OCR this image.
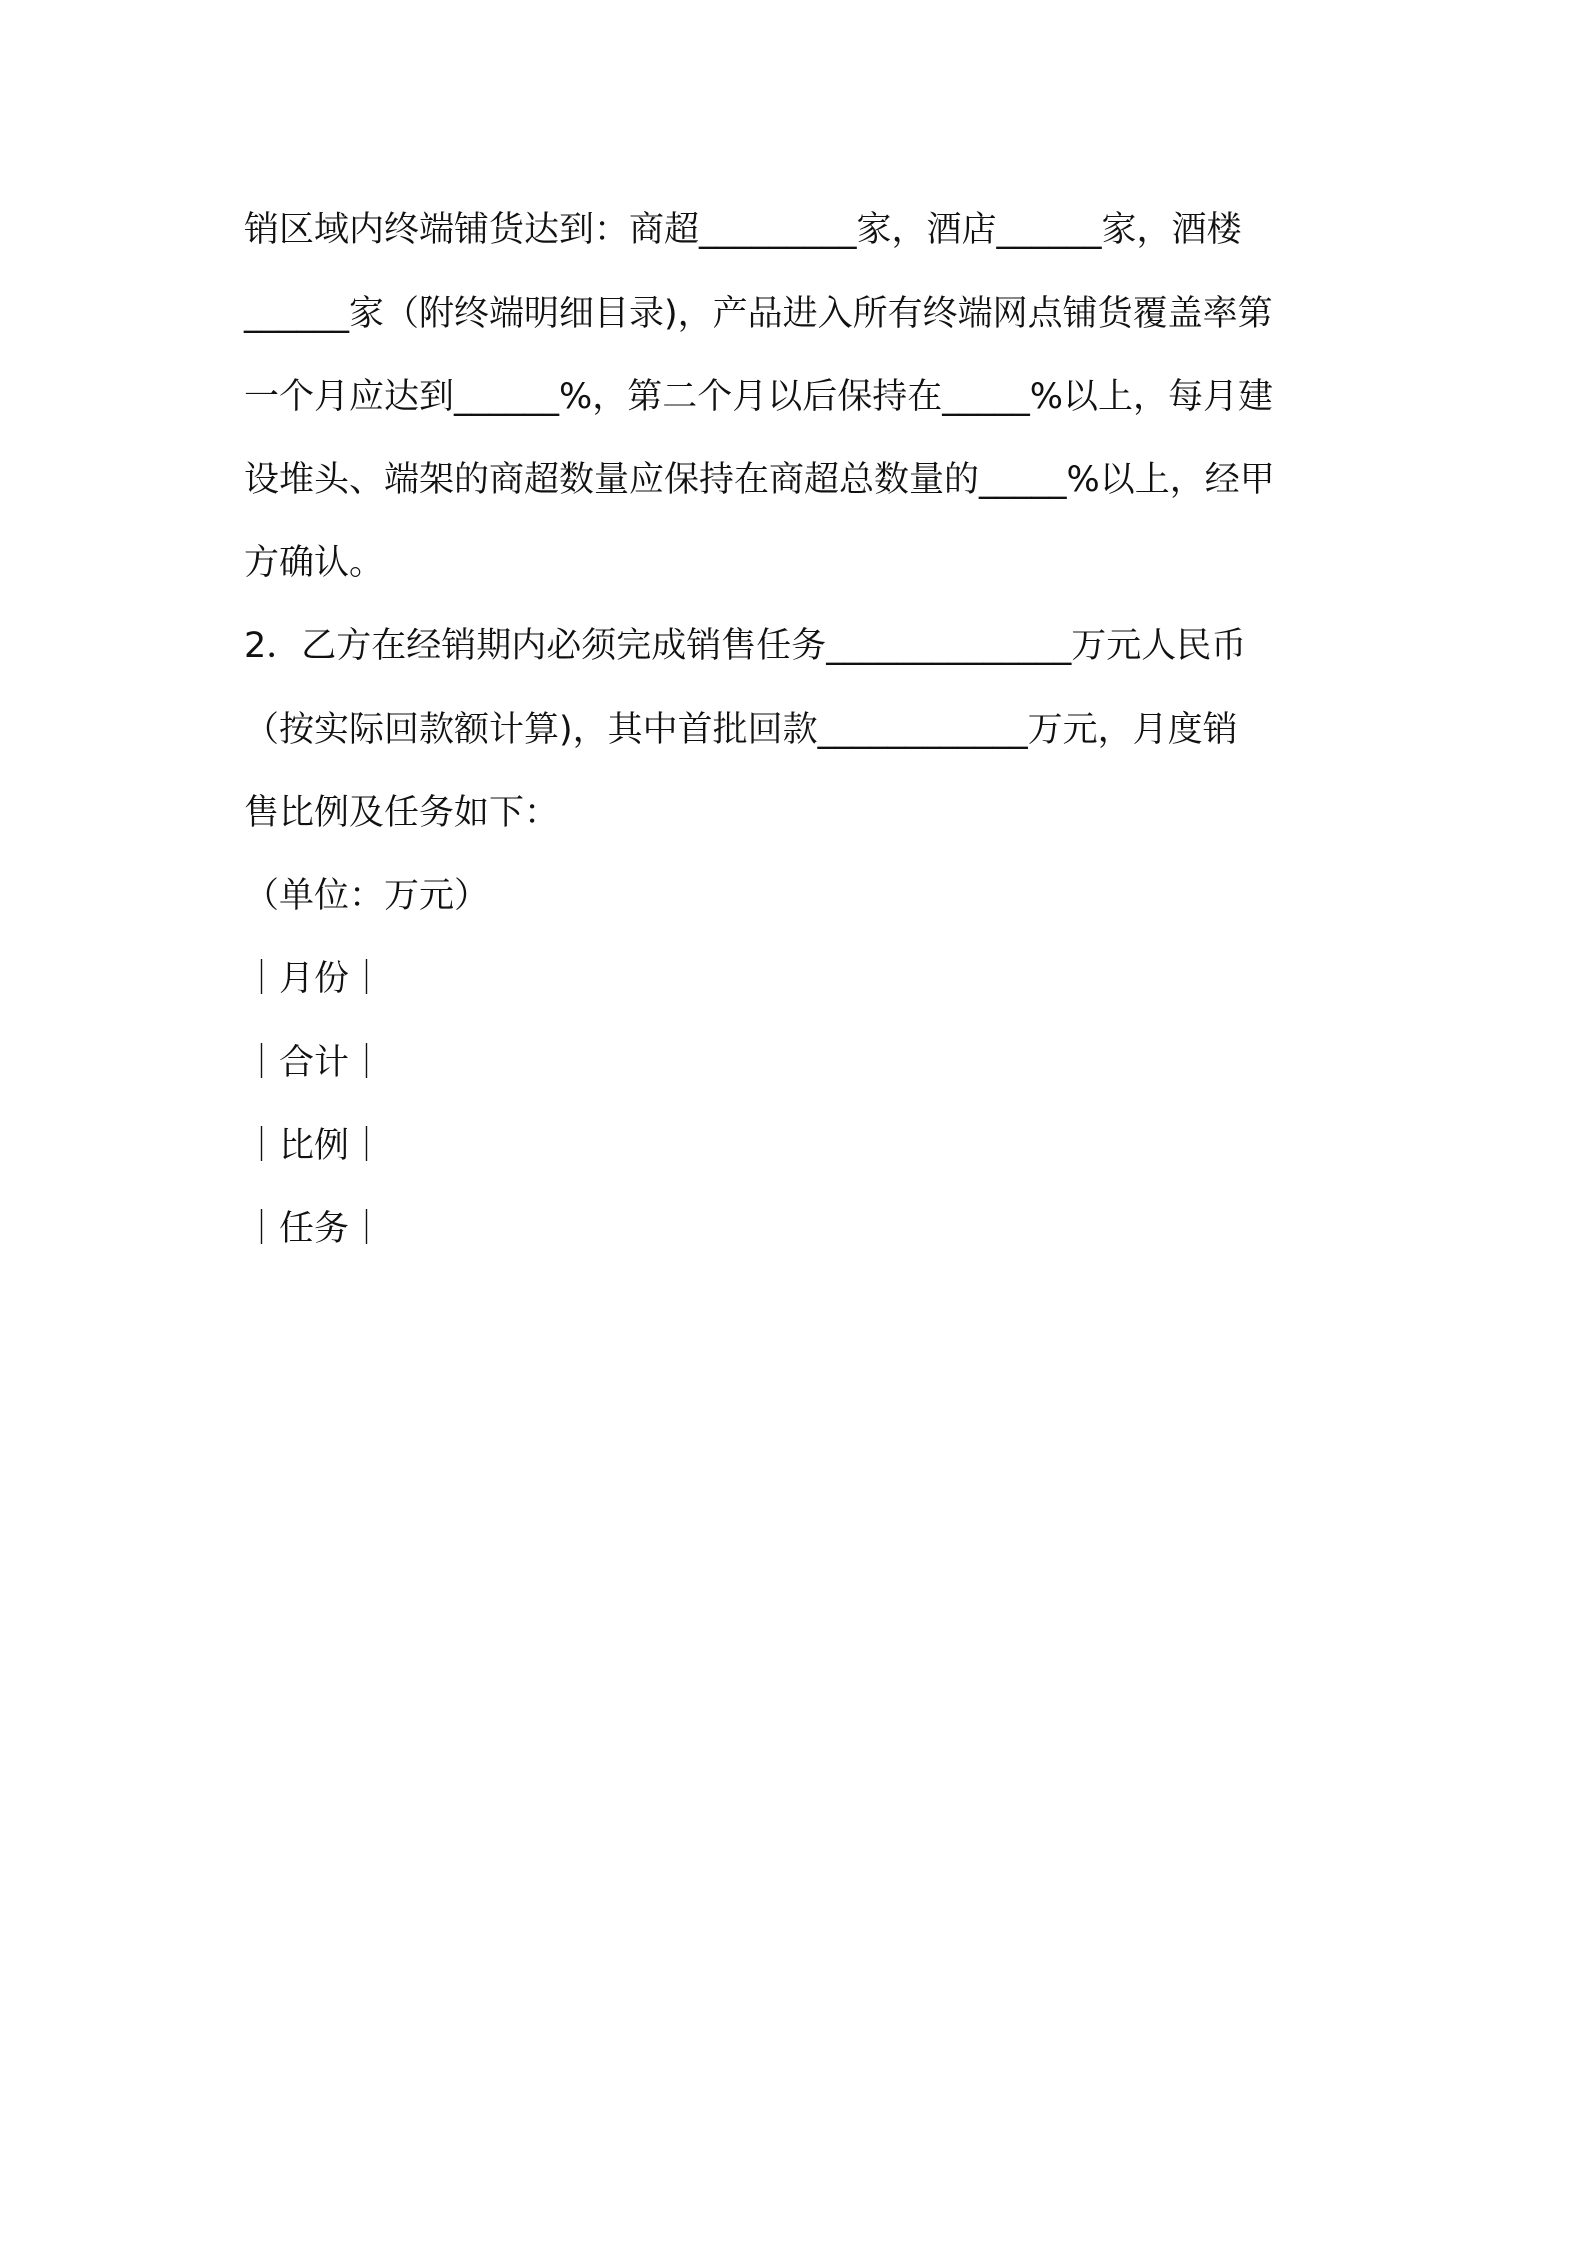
销区域内终端铺货达到：商超_________家，酒店______家，酒楼
______家（附终端明细目录)，产品进入所有终端网点铺货覆盖率第
一个月应达到______%，第二个月以后保持在_____%以上，每月建
设堆头、端架的商超数量应保持在商超总数量的_____%以上，经甲
方确认。
2．乙方在经销期内必须完成销售任务______________万元人民币
（按实际回款额计算)，其中首批回款____________万元，月度销
售比例及任务如下：
（单位：万元）
｜月份｜
｜合计｜
｜比例｜
｜任务｜
